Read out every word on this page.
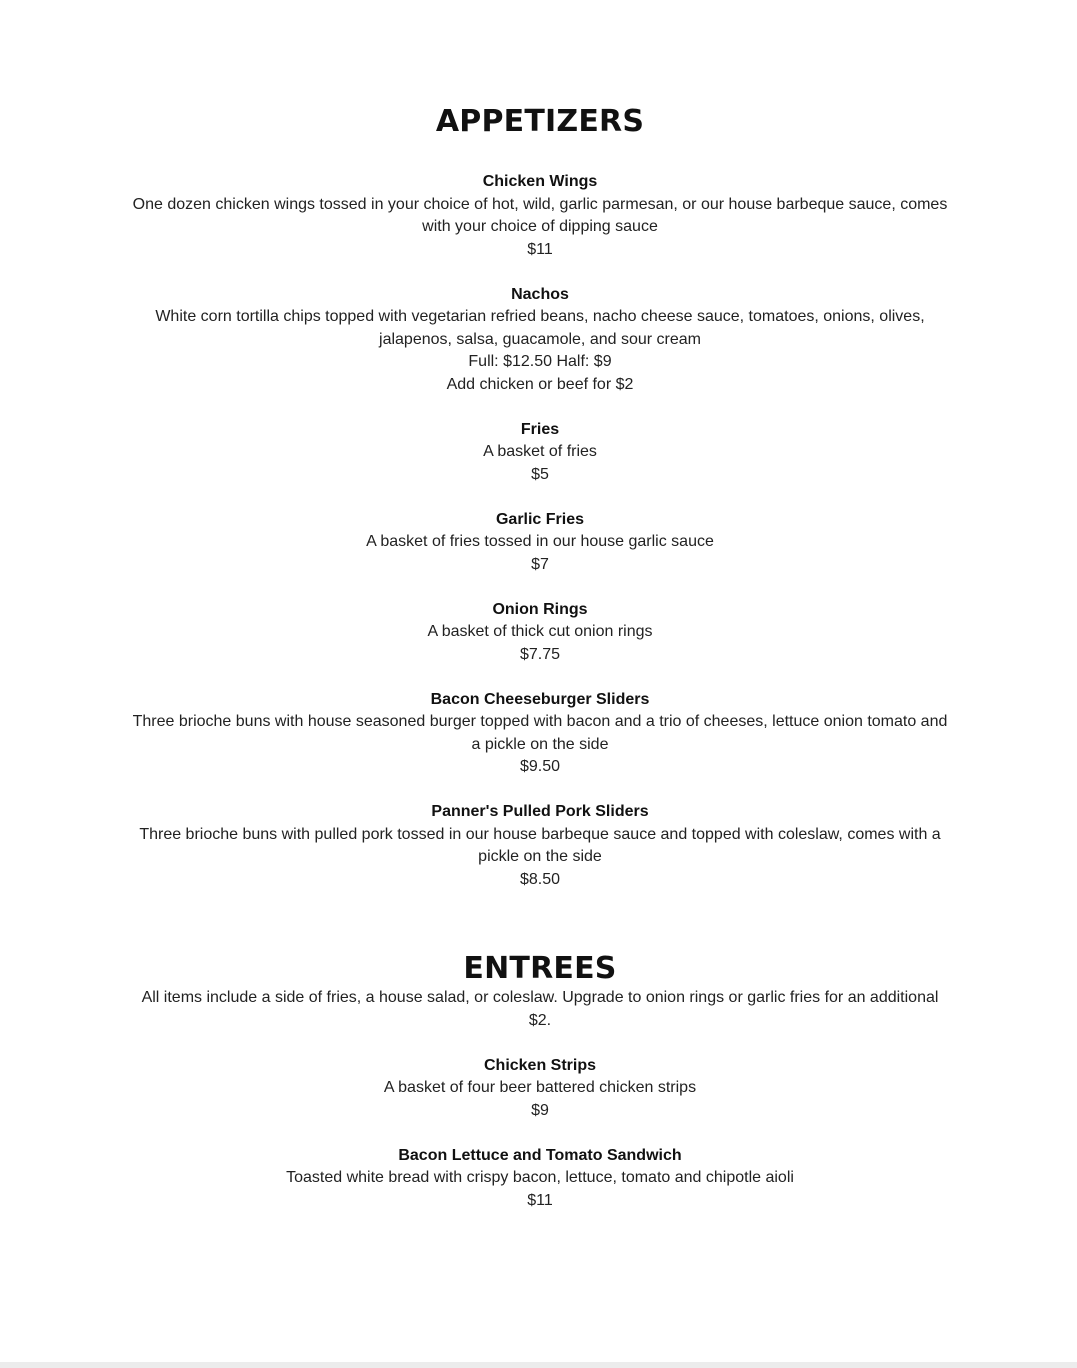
APPETIZERS

Chicken Wings

One dozen chicken wings tossed in your choice of hot, wild, garlic parmesan, or our house barbeque sauce, comes with your choice of dipping sauce

$11

Nachos

White corn tortilla chips topped with vegetarian refried beans, nacho cheese sauce, tomatoes, onions, olives, jalapenos, salsa, guacamole, and sour cream

Full: $12.50 Half: $9

Add chicken or beef for $2

Fries

A basket of fries

$5

Garlic Fries

A basket of fries tossed in our house garlic sauce

$7

Onion Rings

A basket of thick cut onion rings

$7.75

Bacon Cheeseburger Sliders

Three brioche buns with house seasoned burger topped with bacon and a trio of cheeses, lettuce onion tomato and a pickle on the side

$9.50

Panner's Pulled Pork Sliders

Three brioche buns with pulled pork tossed in our house barbeque sauce and topped with coleslaw, comes with a pickle on the side

$8.50

ENTREES

All items include a side of fries, a house salad, or coleslaw. Upgrade to onion rings or garlic fries for an additional $2.

Chicken Strips

A basket of four beer battered chicken strips

$9

Bacon Lettuce and Tomato Sandwich

Toasted white bread with crispy bacon, lettuce, tomato and chipotle aioli

$11
